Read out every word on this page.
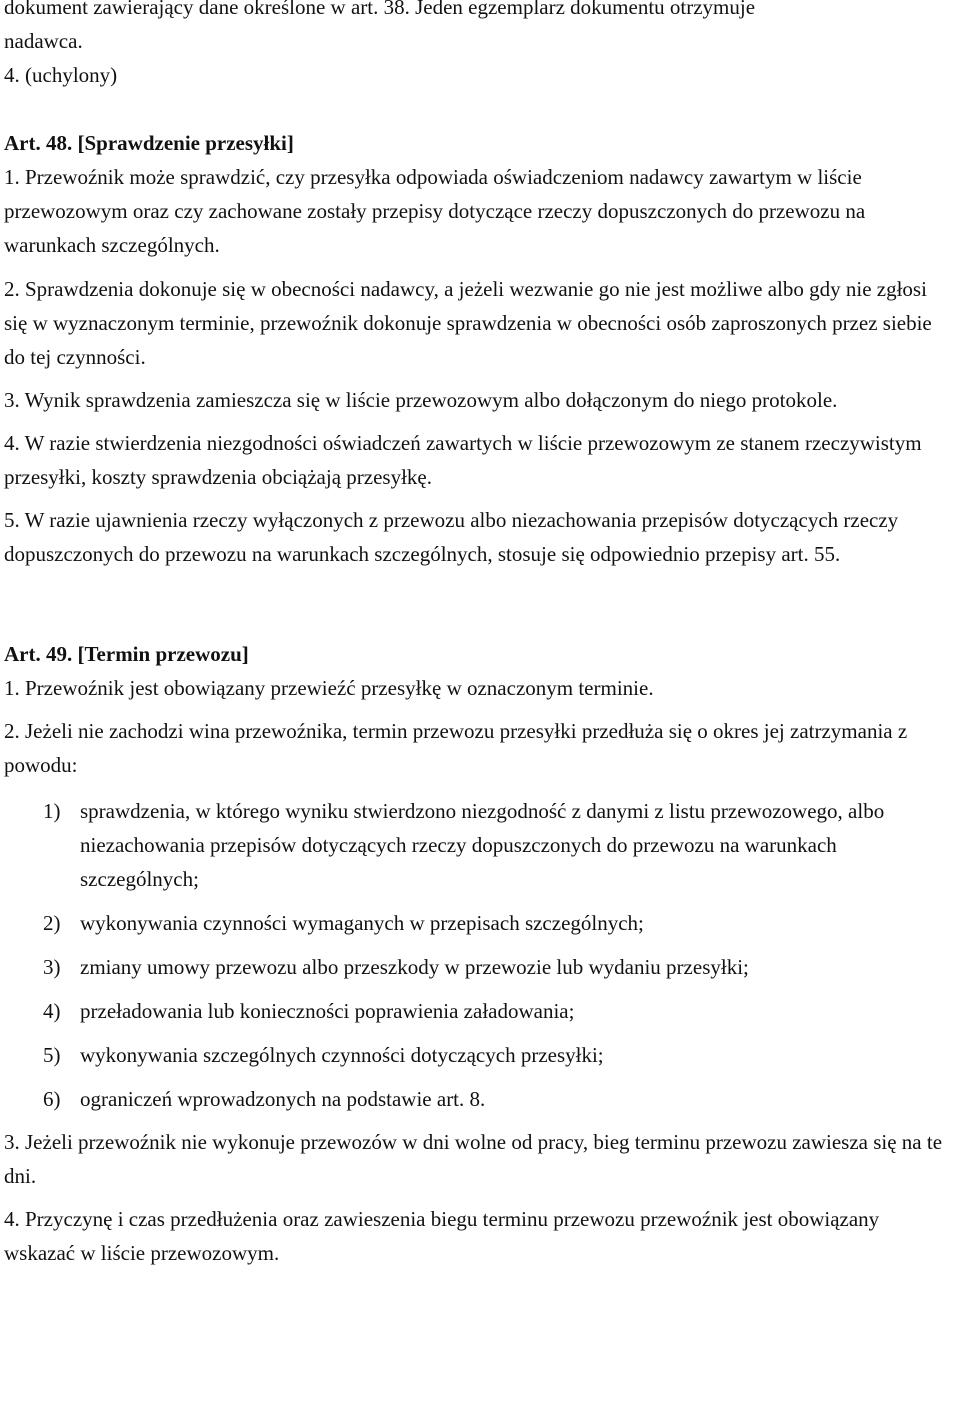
dokument zawierający dane określone w art. 38. Jeden egzemplarz dokumentu otrzymuje

nadawca.

4. (uchylony)

Art. 48. [Sprawdzenie przesyłki]

1. Przewoźnik może sprawdzić, czy przesyłka odpowiada oświadczeniom nadawcy zawartym w liście przewozowym oraz czy zachowane zostały przepisy dotyczące rzeczy dopuszczonych do przewozu na warunkach szczególnych.

2. Sprawdzenia dokonuje się w obecności nadawcy, a jeżeli wezwanie go nie jest możliwe albo gdy nie zgłosi się w wyznaczonym terminie, przewoźnik dokonuje sprawdzenia w obecności osób zaproszonych przez siebie do tej czynności.

3. Wynik sprawdzenia zamieszcza się w liście przewozowym albo dołączonym do niego protokole.

4. W razie stwierdzenia niezgodności oświadczeń zawartych w liście przewozowym ze stanem rzeczywistym przesyłki, koszty sprawdzenia obciążają przesyłkę.

5. W razie ujawnienia rzeczy wyłączonych z przewozu albo niezachowania przepisów dotyczących rzeczy dopuszczonych do przewozu na warunkach szczególnych, stosuje się odpowiednio przepisy art. 55.

Art. 49. [Termin przewozu]

1. Przewoźnik jest obowiązany przewieźć przesyłkę w oznaczonym terminie.

2. Jeżeli nie zachodzi wina przewoźnika, termin przewozu przesyłki przedłuża się o okres jej zatrzymania z powodu:

1) sprawdzenia, w którego wyniku stwierdzono niezgodność z danymi z listu przewozowego, albo niezachowania przepisów dotyczących rzeczy dopuszczonych do przewozu na warunkach szczególnych;
2) wykonywania czynności wymaganych w przepisach szczególnych;
3) zmiany umowy przewozu albo przeszkody w przewozie lub wydaniu przesyłki;
4) przeładowania lub konieczności poprawienia załadowania;
5) wykonywania szczególnych czynności dotyczących przesyłki;
6) ograniczeń wprowadzonych na podstawie art. 8.

3. Jeżeli przewoźnik nie wykonuje przewozów w dni wolne od pracy, bieg terminu przewozu zawiesza się na te dni.

4. Przyczynę i czas przedłużenia oraz zawieszenia biegu terminu przewozu przewoźnik jest obowiązany wskazać w liście przewozowym.
